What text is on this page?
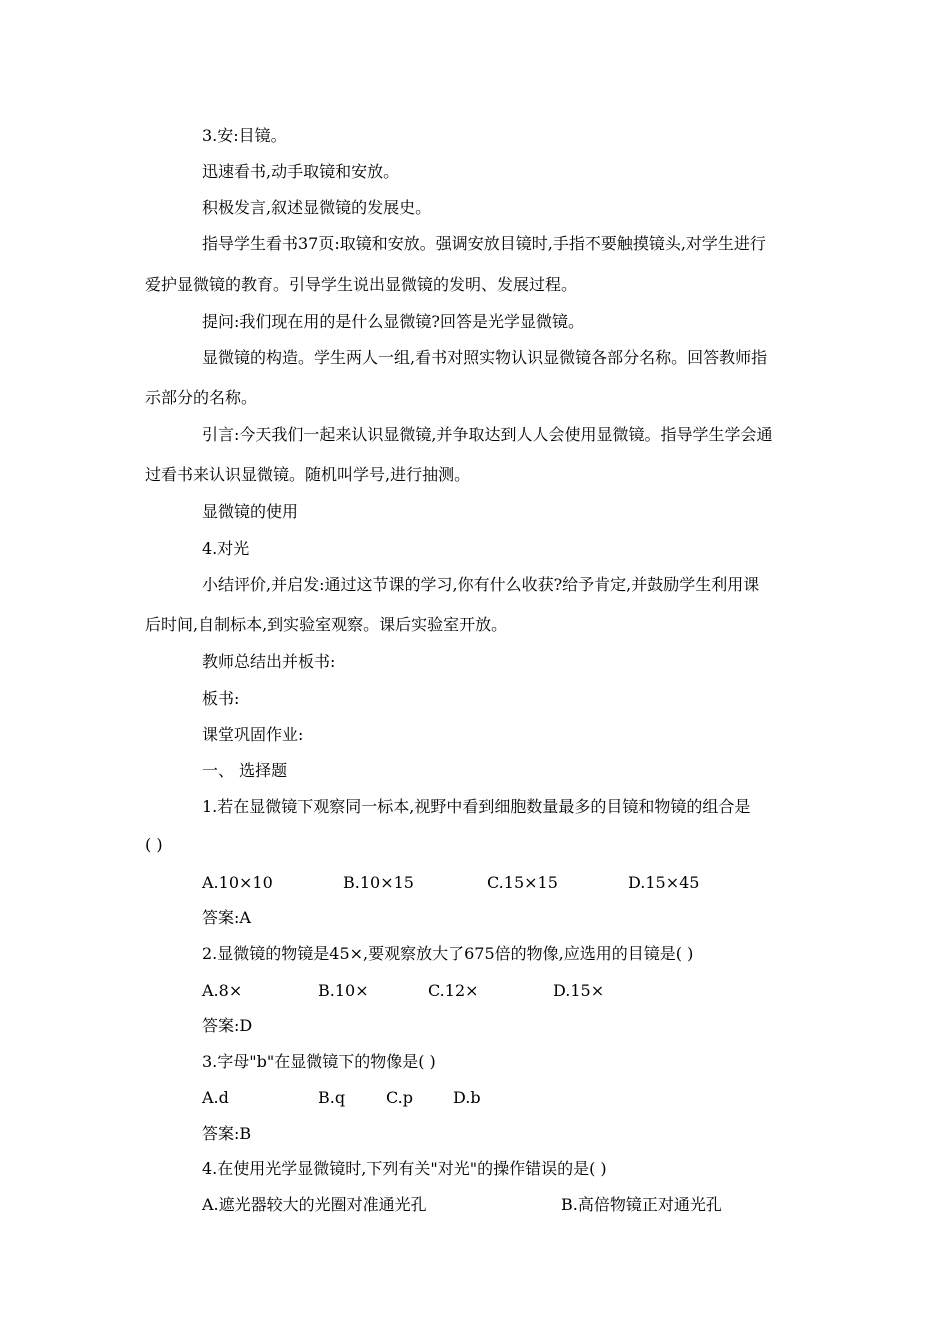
3.安:目镜。
迅速看书,动手取镜和安放。
积极发言,叙述显微镜的发展史。
指导学生看书37页:取镜和安放。强调安放目镜时,手指不要触摸镜头,对学生进行
爱护显微镜的教育。引导学生说出显微镜的发明、发展过程。
提问:我们现在用的是什么显微镜?回答是光学显微镜。
显微镜的构造。学生两人一组,看书对照实物认识显微镜各部分名称。回答教师指
示部分的名称。
引言:今天我们一起来认识显微镜,并争取达到人人会使用显微镜。指导学生学会通
过看书来认识显微镜。随机叫学号,进行抽测。
显微镜的使用
4.对光
小结评价,并启发:通过这节课的学习,你有什么收获?给予肯定,并鼓励学生利用课
后时间,自制标本,到实验室观察。课后实验室开放。
教师总结出并板书:
板书:
课堂巩固作业:
一、 选择题
1.若在显微镜下观察同一标本,视野中看到细胞数量最多的目镜和物镜的组合是
( )
A.10×10	B.10×15	C.15×15	D.15×45
答案:A
2.显微镜的物镜是45×,要观察放大了675倍的物像,应选用的目镜是( )
A.8×	B.10×	C.12×	D.15×
答案:D
3.字母"b"在显微镜下的物像是( )
A.d	B.q	C.p	D.b
答案:B
4.在使用光学显微镜时,下列有关"对光"的操作错误的是( )
A.遮光器较大的光圈对准通光孔	B.高倍物镜正对通光孔
